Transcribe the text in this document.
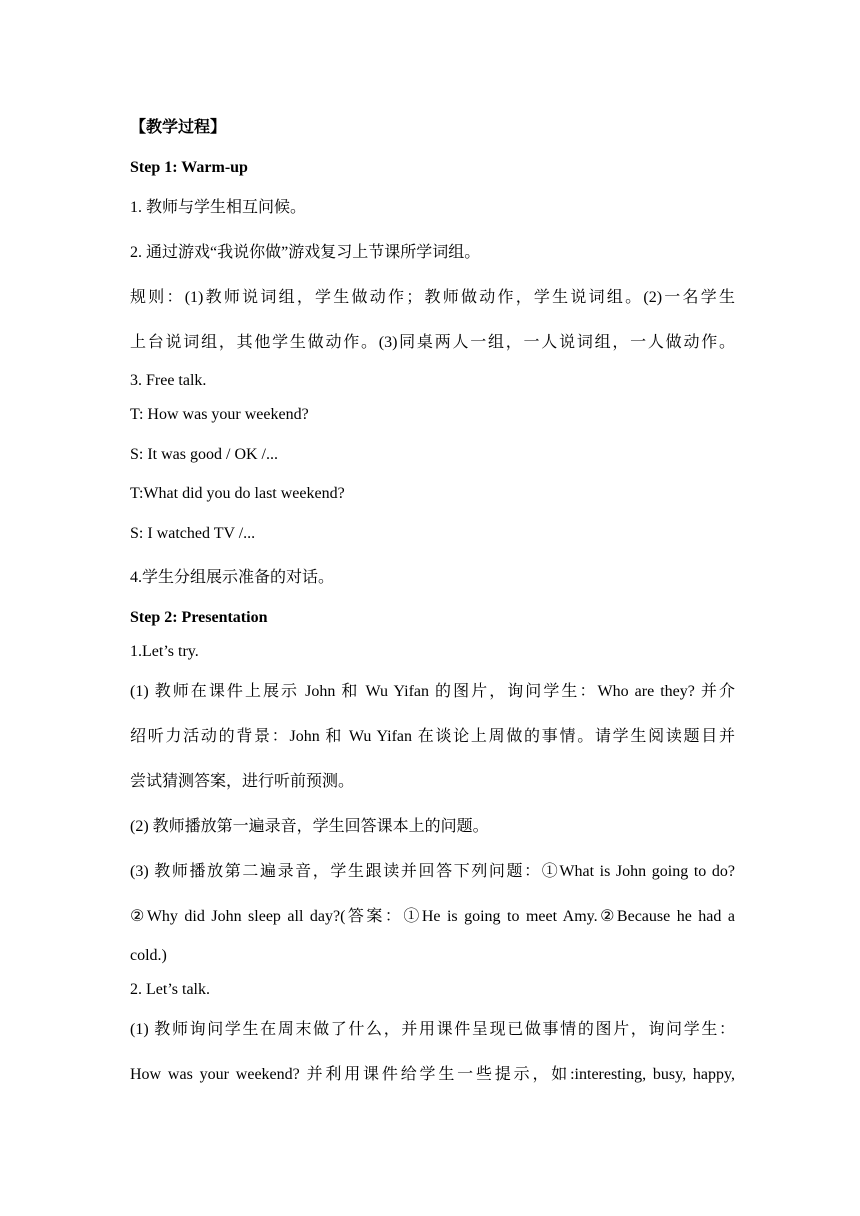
【教学过程】
Step 1: Warm-up
1. 教师与学生相互问候。
2. 通过游戏“我说你做”游戏复习上节课所学词组。
规则：(1)教师说词组，学生做动作；教师做动作，学生说词组。(2)一名学生
上台说词组，其他学生做动作。(3)同桌两人一组，一人说词组，一人做动作。
3. Free talk.
T: How was your weekend?
S: It was good / OK /...
T:What did you do last weekend?
S: I watched TV /...
4.学生分组展示准备的对话。
Step 2: Presentation
1.Let’s try.
(1) 教师在课件上展示 John 和 Wu Yifan 的图片，询问学生：Who are they? 并介
绍听力活动的背景：John 和 Wu Yifan 在谈论上周做的事情。请学生阅读题目并
尝试猜测答案，进行听前预测。
(2) 教师播放第一遍录音，学生回答课本上的问题。
(3) 教师播放第二遍录音，学生跟读并回答下列问题：①What is John going to do?
②Why did John sleep all day?(答案：①He is going to meet Amy.②Because he had a
cold.)
2. Let’s talk.
(1) 教师询问学生在周末做了什么，并用课件呈现已做事情的图片，询问学生：
How was your weekend? 并利用课件给学生一些提示，如:interesting, busy, happy,
